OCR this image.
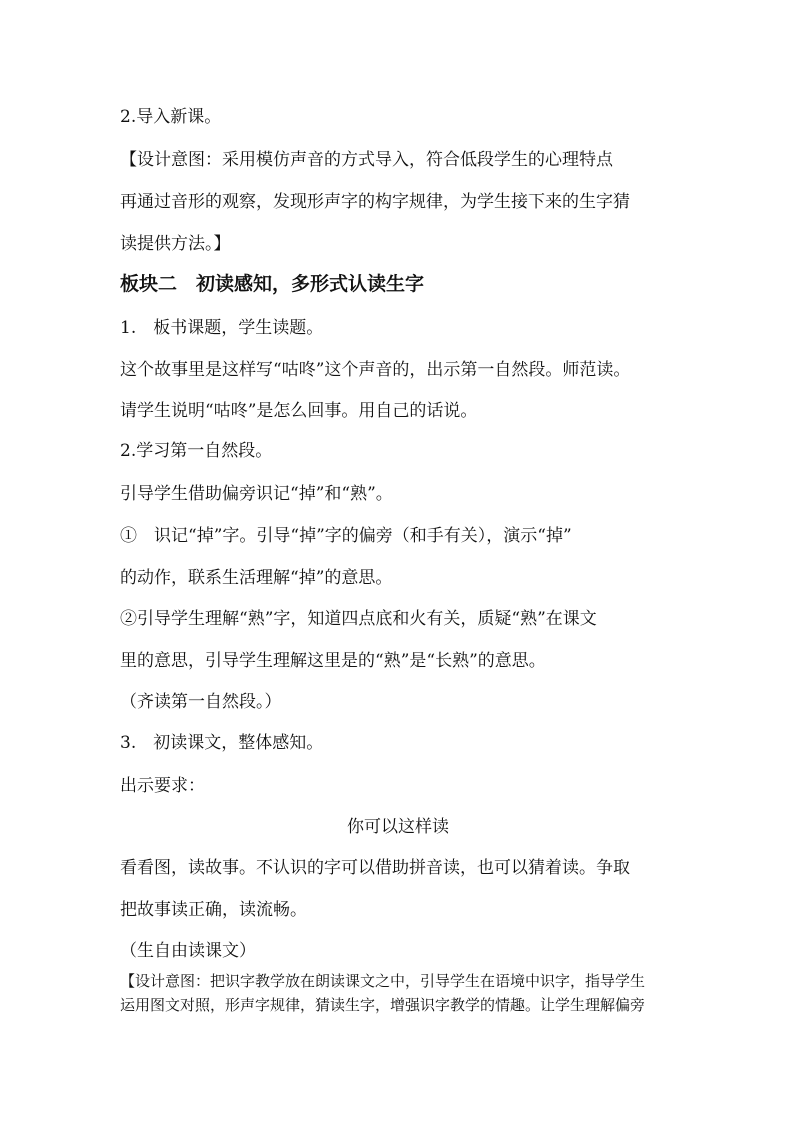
2.导入新课。

【设计意图：采用模仿声音的方式导入，符合低段学生的心理特点

再通过音形的观察，发现形声字的构字规律，为学生接下来的生字猜

读提供方法。】

板块二　初读感知，多形式认读生字

1.　板书课题，学生读题。

这个故事里是这样写“咕咚”这个声音的，出示第一自然段。师范读。

请学生说明“咕咚”是怎么回事。用自己的话说。

2.学习第一自然段。

引导学生借助偏旁识记“掉”和“熟”。

①　识记“掉”字。引导“掉”字的偏旁（和手有关），演示“掉”

的动作，联系生活理解“掉”的意思。

②引导学生理解“熟”字，知道四点底和火有关，质疑“熟”在课文

里的意思，引导学生理解这里是的“熟”是“长熟”的意思。

（齐读第一自然段。）

3.　初读课文，整体感知。

出示要求：

你可以这样读

看看图，读故事。不认识的字可以借助拼音读，也可以猜着读。争取

把故事读正确，读流畅。

（生自由读课文）

【设计意图：把识字教学放在朗读课文之中，引导学生在语境中识字，指导学生

运用图文对照，形声字规律，猜读生字，增强识字教学的情趣。让学生理解偏旁
